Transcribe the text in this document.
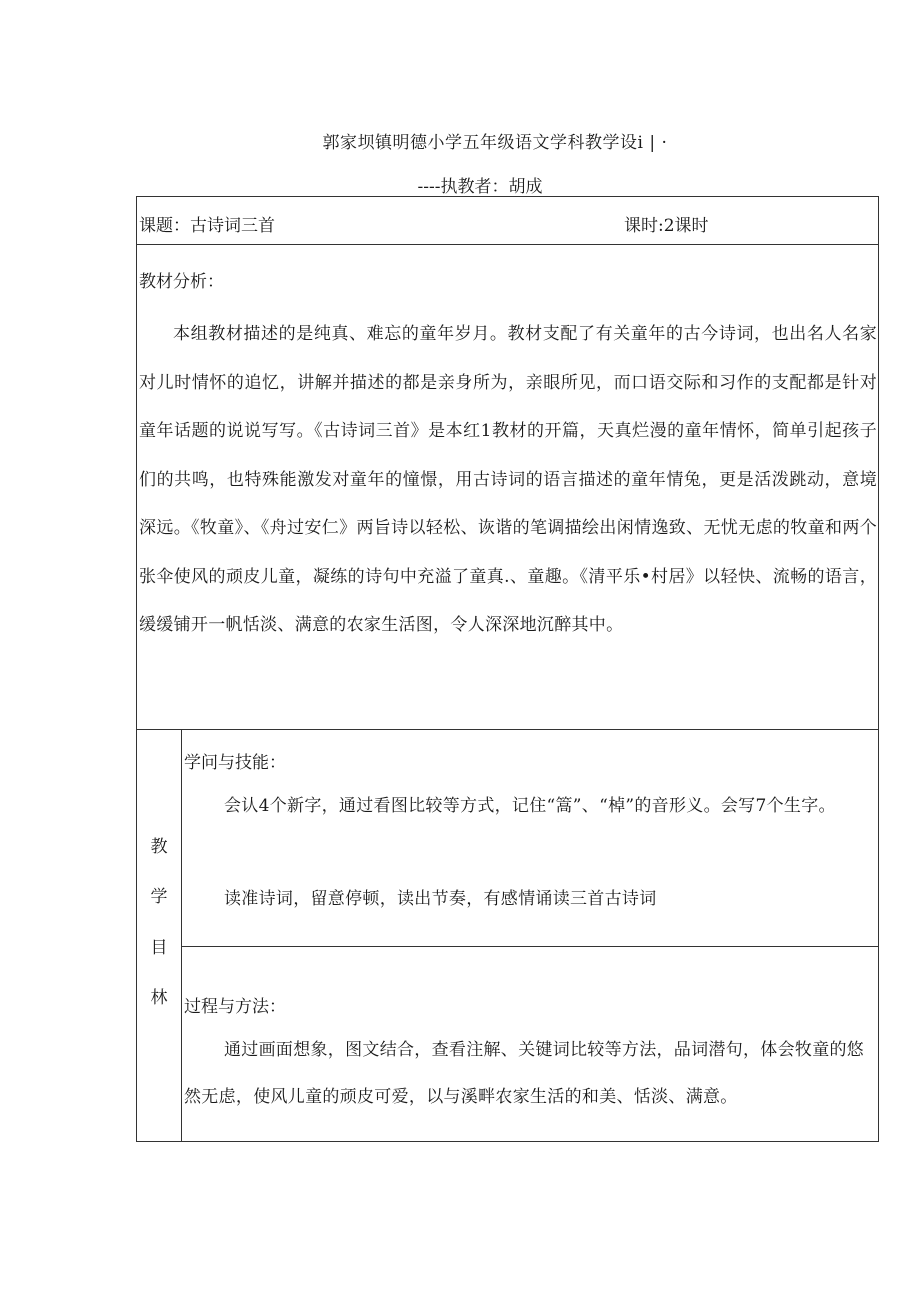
郭家坝镇明德小学五年级语文学科教学设i | ·
----执教者：胡成
课题：古诗词三首	课时:2课时
教材分析：
本组教材描述的是纯真、难忘的童年岁月。教材支配了有关童年的古今诗词，也出名人名家对儿时情怀的追忆，讲解并描述的都是亲身所为，亲眼所见，而口语交际和习作的支配都是针对童年话题的说说写写。《古诗词三首》是本红1教材的开篇，天真烂漫的童年情怀，简单引起孩子们的共鸣，也特殊能激发对童年的憧憬，用古诗词的语言描述的童年情兔，更是活泼跳动，意境深远。《牧童》、《舟过安仁》两旨诗以轻松、诙谐的笔调描绘出闲情逸致、无忧无虑的牧童和两个张伞使风的顽皮儿童，凝练的诗句中充溢了童真.、童趣。《清平乐•村居》以轻快、流畅的语言，缓缓铺开一帆恬淡、满意的农家生活图，令人深深地沉醉其中。
教
学
目
林
学问与技能：
会认4个新字，通过看图比较等方式，记住“篙”、“棹”的音形义。会写7个生字。
读准诗词，留意停顿，读出节奏，有感情诵读三首古诗词
过程与方法：
通过画面想象，图文结合，查看注解、关键词比较等方法，品词潜句，体会牧童的悠然无虑，使风儿童的顽皮可爱，以与溪畔农家生活的和美、恬淡、满意。
